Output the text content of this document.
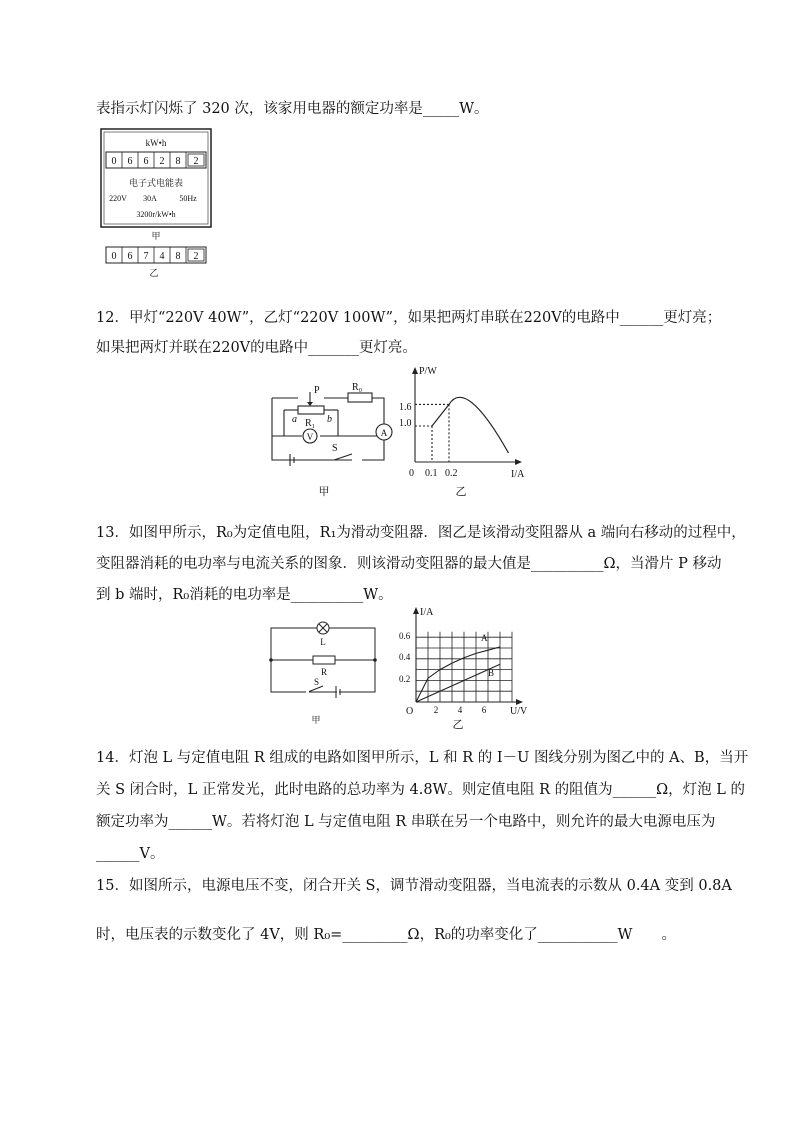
表指示灯闪烁了 320 次，该家用电器的额定功率是_____W。
kW•h
0 6 6 2 8 2
电子式电能表
220V 30A	50Hz
3200r/kW•h
甲
0 6 7 4 8 2
乙
12．甲灯“220V 40W”，乙灯“220V 100W”，如果把两灯串联在220V的电路中______更灯亮；
如果把两灯并联在220V的电路中_______更灯亮。
P	R₀
R₁
a	b
V	A
S
甲
P/W
I/A
0
1.6
1.0
0.1 0.2
乙
13．如图甲所示，R₀为定值电阻，R₁为滑动变阻器．图乙是该滑动变阻器从 a 端向右移动的过程中，
变阻器消耗的电功率与电流关系的图象．则该滑动变阻器的最大值是__________Ω，当滑片 P 移动
到 b 端时，R₀消耗的电功率是__________W。
L
R
S
甲
I/A
U/V
O
0.6
0.4
0.2
2 4 6
A
B
乙
14．灯泡 L 与定值电阻 R 组成的电路如图甲所示，L 和 R 的 I－U 图线分别为图乙中的 A、B，当开
关 S 闭合时，L 正常发光，此时电路的总功率为 4.8W。则定值电阻 R 的阻值为______Ω，灯泡 L 的
额定功率为______W。若将灯泡 L 与定值电阻 R 串联在另一个电路中，则允许的最大电源电压为
______V。
15．如图所示，电源电压不变，闭合开关 S，调节滑动变阻器，当电流表的示数从 0.4A 变到 0.8A
时，电压表的示数变化了 4V，则 R₀=_________Ω，R₀的功率变化了___________W　　。
